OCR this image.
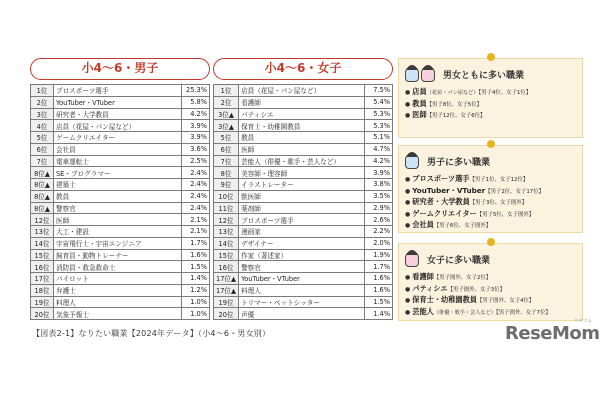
小4〜6・男子
1位	プロスポーツ選手	25.3%
2位	YouTuber・VTuber	5.8%
3位	研究者・大学教員	4.2%
4位	店員（花屋・パン屋など）	3.9%
5位	ゲームクリエイター	3.9%
6位	会社員	3.6%
7位	電車運転士	2.5%
8位▲	SE・プログラマー	2.4%
8位▲	建築士	2.4%
8位▲	教員	2.4%
8位▲	警察官	2.4%
12位	医師	2.1%
13位	大工・建設	2.1%
14位	宇宙飛行士・宇宙エンジニア	1.7%
15位	飼育員・動物トレーナー	1.6%
16位	消防員・救急救命士	1.5%
17位	パイロット	1.4%
18位	弁護士	1.2%
19位	料理人	1.0%
20位	気象予報士	1.0%
小4〜6・女子
1位	店員（花屋・パン屋など）	7.5%
2位	看護師	5.4%
3位▲	パティシエ	5.3%
3位▲	保育士・幼稚園教員	5.3%
5位	教員	5.1%
6位	医師	4.7%
7位	芸能人（俳優・歌手・芸人など）	4.2%
8位	美容師・理容師	3.9%
9位	イラストレーター	3.8%
10位	獣医師	3.5%
11位	薬剤師	2.9%
12位	プロスポーツ選手	2.6%
13位	漫画家	2.2%
14位	デザイナー	2.0%
15位	作家（著述家）	1.9%
16位	警察官	1.7%
17位▲	YouTuber・VTuber	1.6%
17位▲	料理人	1.6%
19位	トリマー・ペットシッター	1.5%
20位	声優	1.4%
【図表2-1】なりたい職業【2024年データ】（小4〜6・男女別）
男女ともに多い職業
● 店員（花屋・パン屋など）【男子4位、女子1位】
● 教員【男子8位、女子5位】
● 医師【男子12位、女子6位】
男子に多い職業
● プロスポーツ選手【男子1位、女子12位】
● YouTuber・VTuber【男子2位、女子17位】
● 研究者・大学教員【男子3位、女子圏外】
● ゲームクリエイター【男子5位、女子圏外】
● 会社員【男子6位、女子圏外】
女子に多い職業
● 看護師【男子圏外、女子2位】
● パティシエ【男子圏外、女子3位】
● 保育士・幼稚園教員【男子圏外、女子4位】
● 芸能人（俳優・歌手・芸人など）【男子圏外、女子7位】
リセマム
ReseMom
